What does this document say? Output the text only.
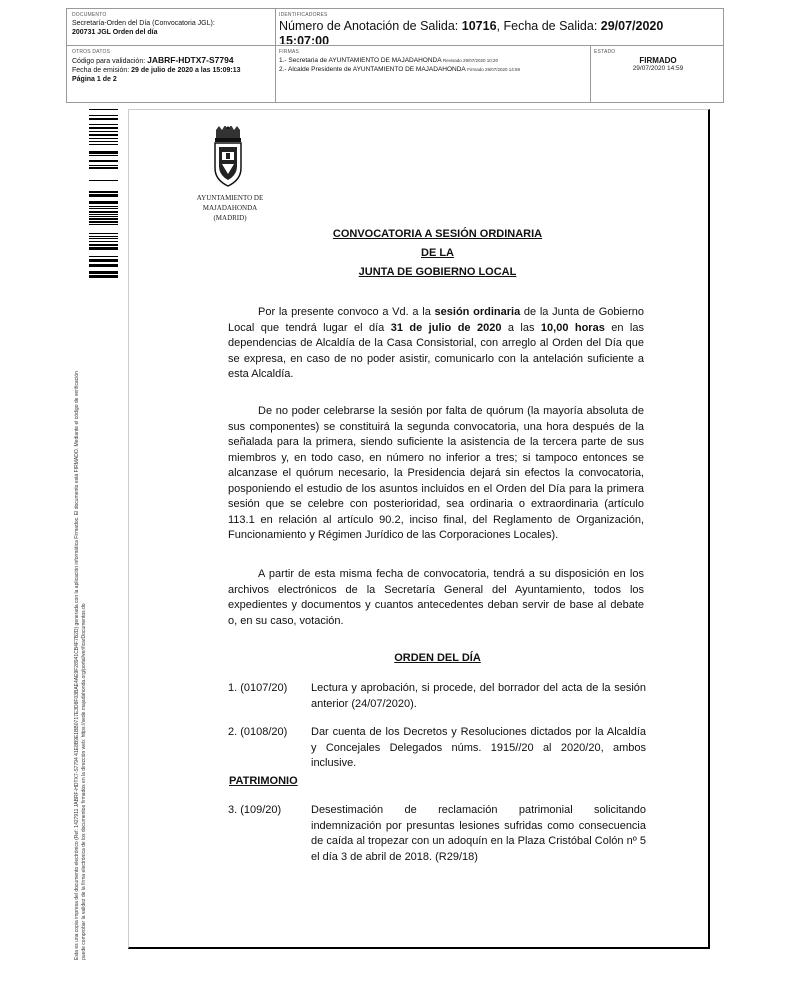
DOCUMENTO
Secretaría-Orden del Día (Convocatoria JGL):
200731 JGL Orden del día
IDENTIFICADORES
Número de Anotación de Salida: 10716, Fecha de Salida: 29/07/2020
15:07:00
OTROS DATOS
Código para validación: JABRF-HDTX7-S7794
Fecha de emisión: 29 de julio de 2020 a las 15:09:13
Página 1 de 2
FIRMAS
1.- Secretaria de AYUNTAMIENTO DE MAJADAHONDA Revisado 29/07/2020 10:20
2.- Alcalde Presidente de AYUNTAMIENTO DE MAJADAHONDA Firmado 29/07/2020 14:59
ESTADO
FIRMADO
29/07/2020 14:59
Esta es una copia impresa del documento electrónico (Ref: 1427911 JABRF-HDTX7-S7794 41E8B9E1BB0717E3D8F03BAE4AE9F28941CB4F7B2D) generada con la aplicación informática Firmadoc. El documento está FIRMADO. Mediante el código de verificación puede comprobar la validez de la firma electrónica de los documentos firmados en la dirección web: https://sede.majadahonda.org/portal/verificarDocumentos.do
AYUNTAMIENTO DE
MAJADAHONDA
(MADRID)
CONVOCATORIA A SESIÓN ORDINARIA
DE LA
JUNTA DE GOBIERNO LOCAL
Por la presente convoco a Vd. a la sesión ordinaria de la Junta de Gobierno Local que tendrá lugar el día 31 de julio de 2020 a las 10,00 horas en las dependencias de Alcaldía de la Casa Consistorial, con arreglo al Orden del Día que se expresa, en caso de no poder asistir, comunicarlo con la antelación suficiente a esta Alcaldía.
De no poder celebrarse la sesión por falta de quórum (la mayoría absoluta de sus componentes) se constituirá la segunda convocatoria, una hora después de la señalada para la primera, siendo suficiente la asistencia de la tercera parte de sus miembros y, en todo caso, en número no inferior a tres; si tampoco entonces se alcanzase el quórum necesario, la Presidencia dejará sin efectos la convocatoria, posponiendo el estudio de los asuntos incluidos en el Orden del Día para la primera sesión que se celebre con posterioridad, sea ordinaria o extraordinaria (artículo 113.1 en relación al artículo 90.2, inciso final, del Reglamento de Organización, Funcionamiento y Régimen Jurídico de las Corporaciones Locales).
A partir de esta misma fecha de convocatoria, tendrá a su disposición en los archivos electrónicos de la Secretaría General del Ayuntamiento, todos los expedientes y documentos y cuantos antecedentes deban servir de base al debate o, en su caso, votación.
ORDEN DEL DÍA
1. (0107/20)	Lectura y aprobación, si procede, del borrador del acta de la sesión anterior (24/07/2020).
2. (0108/20)	Dar cuenta de los Decretos y Resoluciones dictados por la Alcaldía y Concejales Delegados núms. 1915//20 al 2020/20, ambos inclusive.
PATRIMONIO
3. (109/20)	Desestimación de reclamación patrimonial solicitando indemnización por presuntas lesiones sufridas como consecuencia de caída al tropezar con un adoquín en la Plaza Cristóbal Colón nº 5 el día 3 de abril de 2018. (R29/18)
